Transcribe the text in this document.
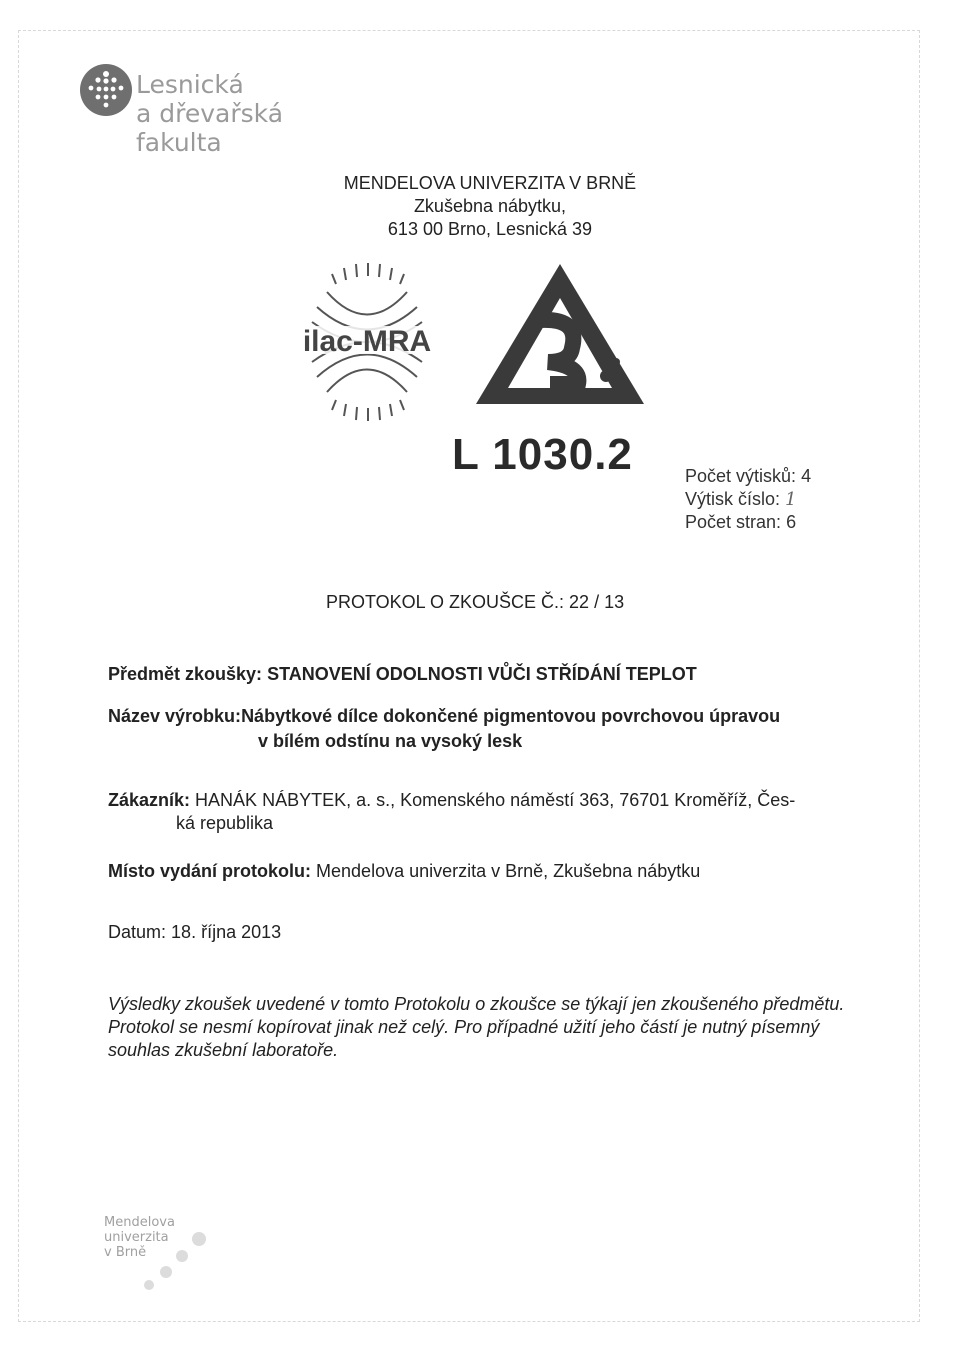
Lesnická
a dřevařská
fakulta
MENDELOVA UNIVERZITA V BRNĚ
Zkušebna nábytku,
613 00 Brno, Lesnická 39
ilac-MRA
L 1030.2	Počet výtisků: 4
Výtisk číslo: 1
Počet stran: 6
PROTOKOL O ZKOUŠCE Č.: 22 / 13
Předmět zkoušky: STANOVENÍ ODOLNOSTI VŮČI STŘÍDÁNÍ TEPLOT
Název výrobku:Nábytkové dílce dokončené pigmentovou povrchovou úpravou
v bílém odstínu na vysoký lesk
Zákazník: HANÁK NÁBYTEK, a. s., Komenského náměstí 363, 76701 Kroměříž, Čes-
ká republika
Místo vydání protokolu: Mendelova univerzita v Brně, Zkušebna nábytku
Datum: 18. října 2013
Výsledky zkoušek uvedené v tomto Protokolu o zkoušce se týkají jen zkoušeného předmětu. Protokol se nesmí kopírovat jinak než celý. Pro případné užití jeho částí je nutný písemný souhlas zkušební laboratoře.
Mendelova
univerzita
v Brně
